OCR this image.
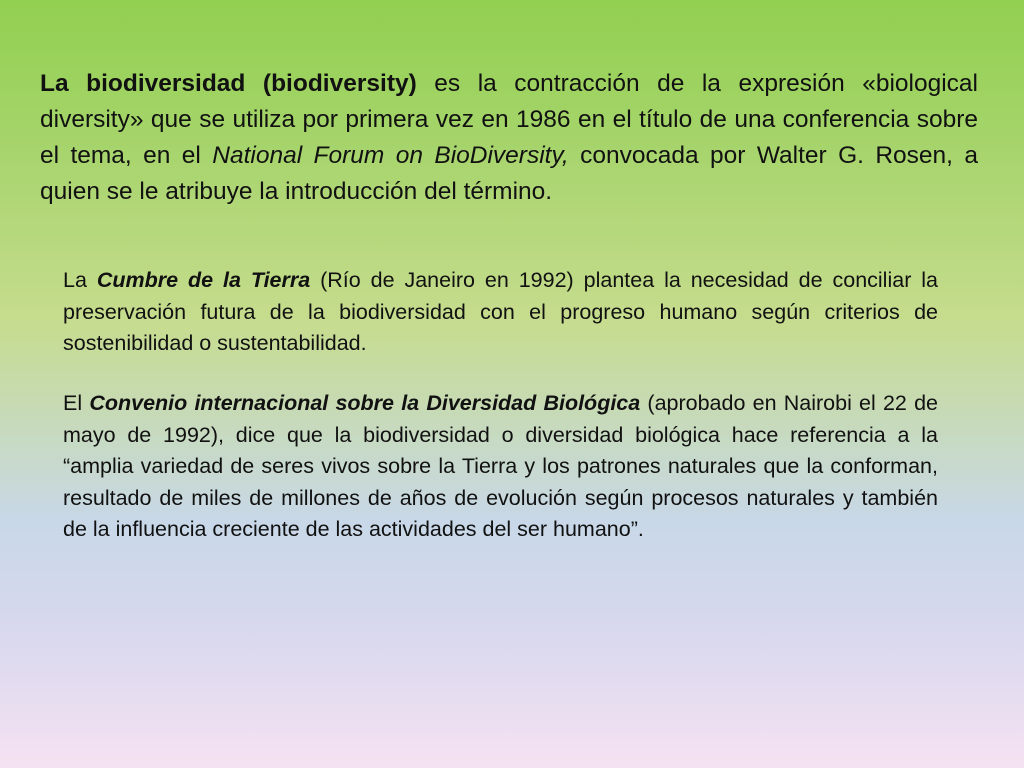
La biodiversidad (biodiversity) es la contracción de la expresión «biological diversity» que se utiliza por primera vez en 1986 en el título de una conferencia sobre el tema, en el National Forum on BioDiversity, convocada por Walter G. Rosen, a quien se le atribuye la introducción del término.

La Cumbre de la Tierra (Río de Janeiro en 1992) plantea la necesidad de conciliar la preservación futura de la biodiversidad con el progreso humano según criterios de sostenibilidad o sustentabilidad.

El Convenio internacional sobre la Diversidad Biológica (aprobado en Nairobi el 22 de mayo de 1992), dice que la biodiversidad o diversidad biológica hace referencia a la “amplia variedad de seres vivos sobre la Tierra y los patrones naturales que la conforman, resultado de miles de millones de años de evolución según procesos naturales y también de la influencia creciente de las actividades del ser humano”.
